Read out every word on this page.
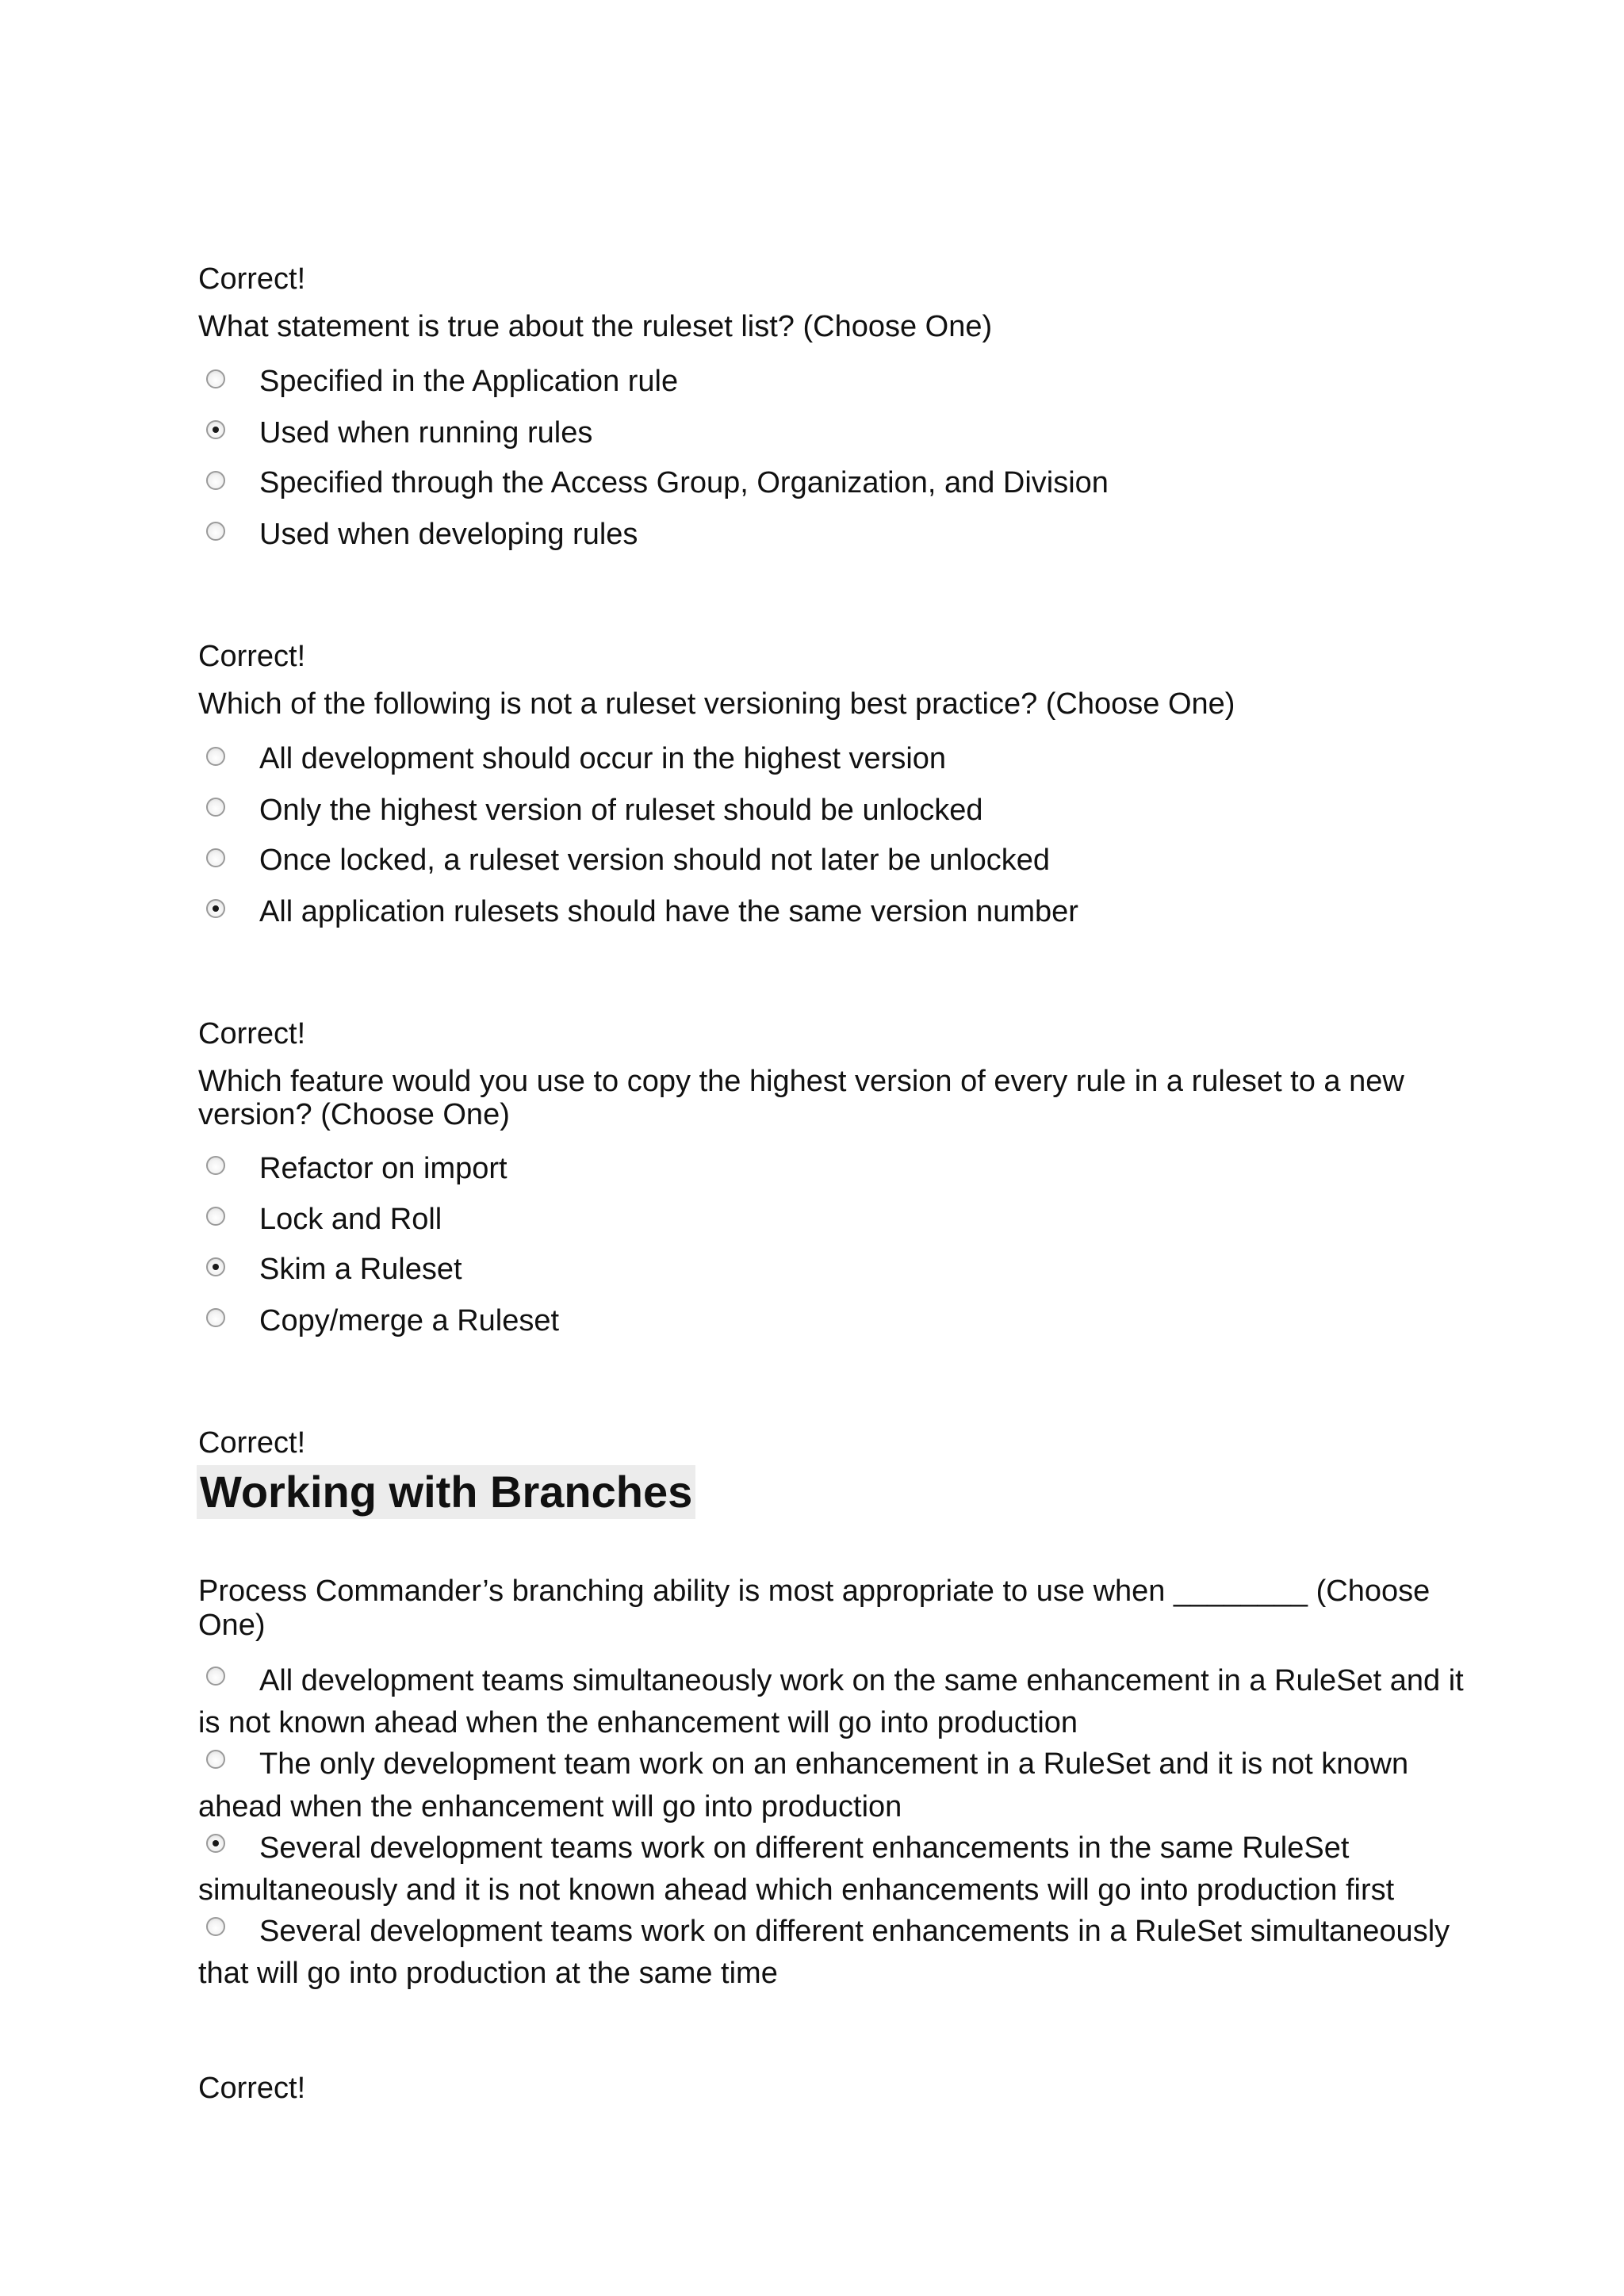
Correct!
What statement is true about the ruleset list? (Choose One)
Specified in the Application rule
Used when running rules
Specified through the Access Group, Organization, and Division
Used when developing rules
Correct!
Which of the following is not a ruleset versioning best practice? (Choose One)
All development should occur in the highest version
Only the highest version of ruleset should be unlocked
Once locked, a ruleset version should not later be unlocked
All application rulesets should have the same version number
Correct!
Which feature would you use to copy the highest version of every rule in a ruleset to a new
version? (Choose One)
Refactor on import
Lock and Roll
Skim a Ruleset
Copy/merge a Ruleset
Correct!
Working with Branches
Process Commander’s branching ability is most appropriate to use when ________ (Choose
One)
All development teams simultaneously work on the same enhancement in a RuleSet and it
is not known ahead when the enhancement will go into production
The only development team work on an enhancement in a RuleSet and it is not known
ahead when the enhancement will go into production
Several development teams work on different enhancements in the same RuleSet
simultaneously and it is not known ahead which enhancements will go into production first
Several development teams work on different enhancements in a RuleSet simultaneously
that will go into production at the same time
Correct!
